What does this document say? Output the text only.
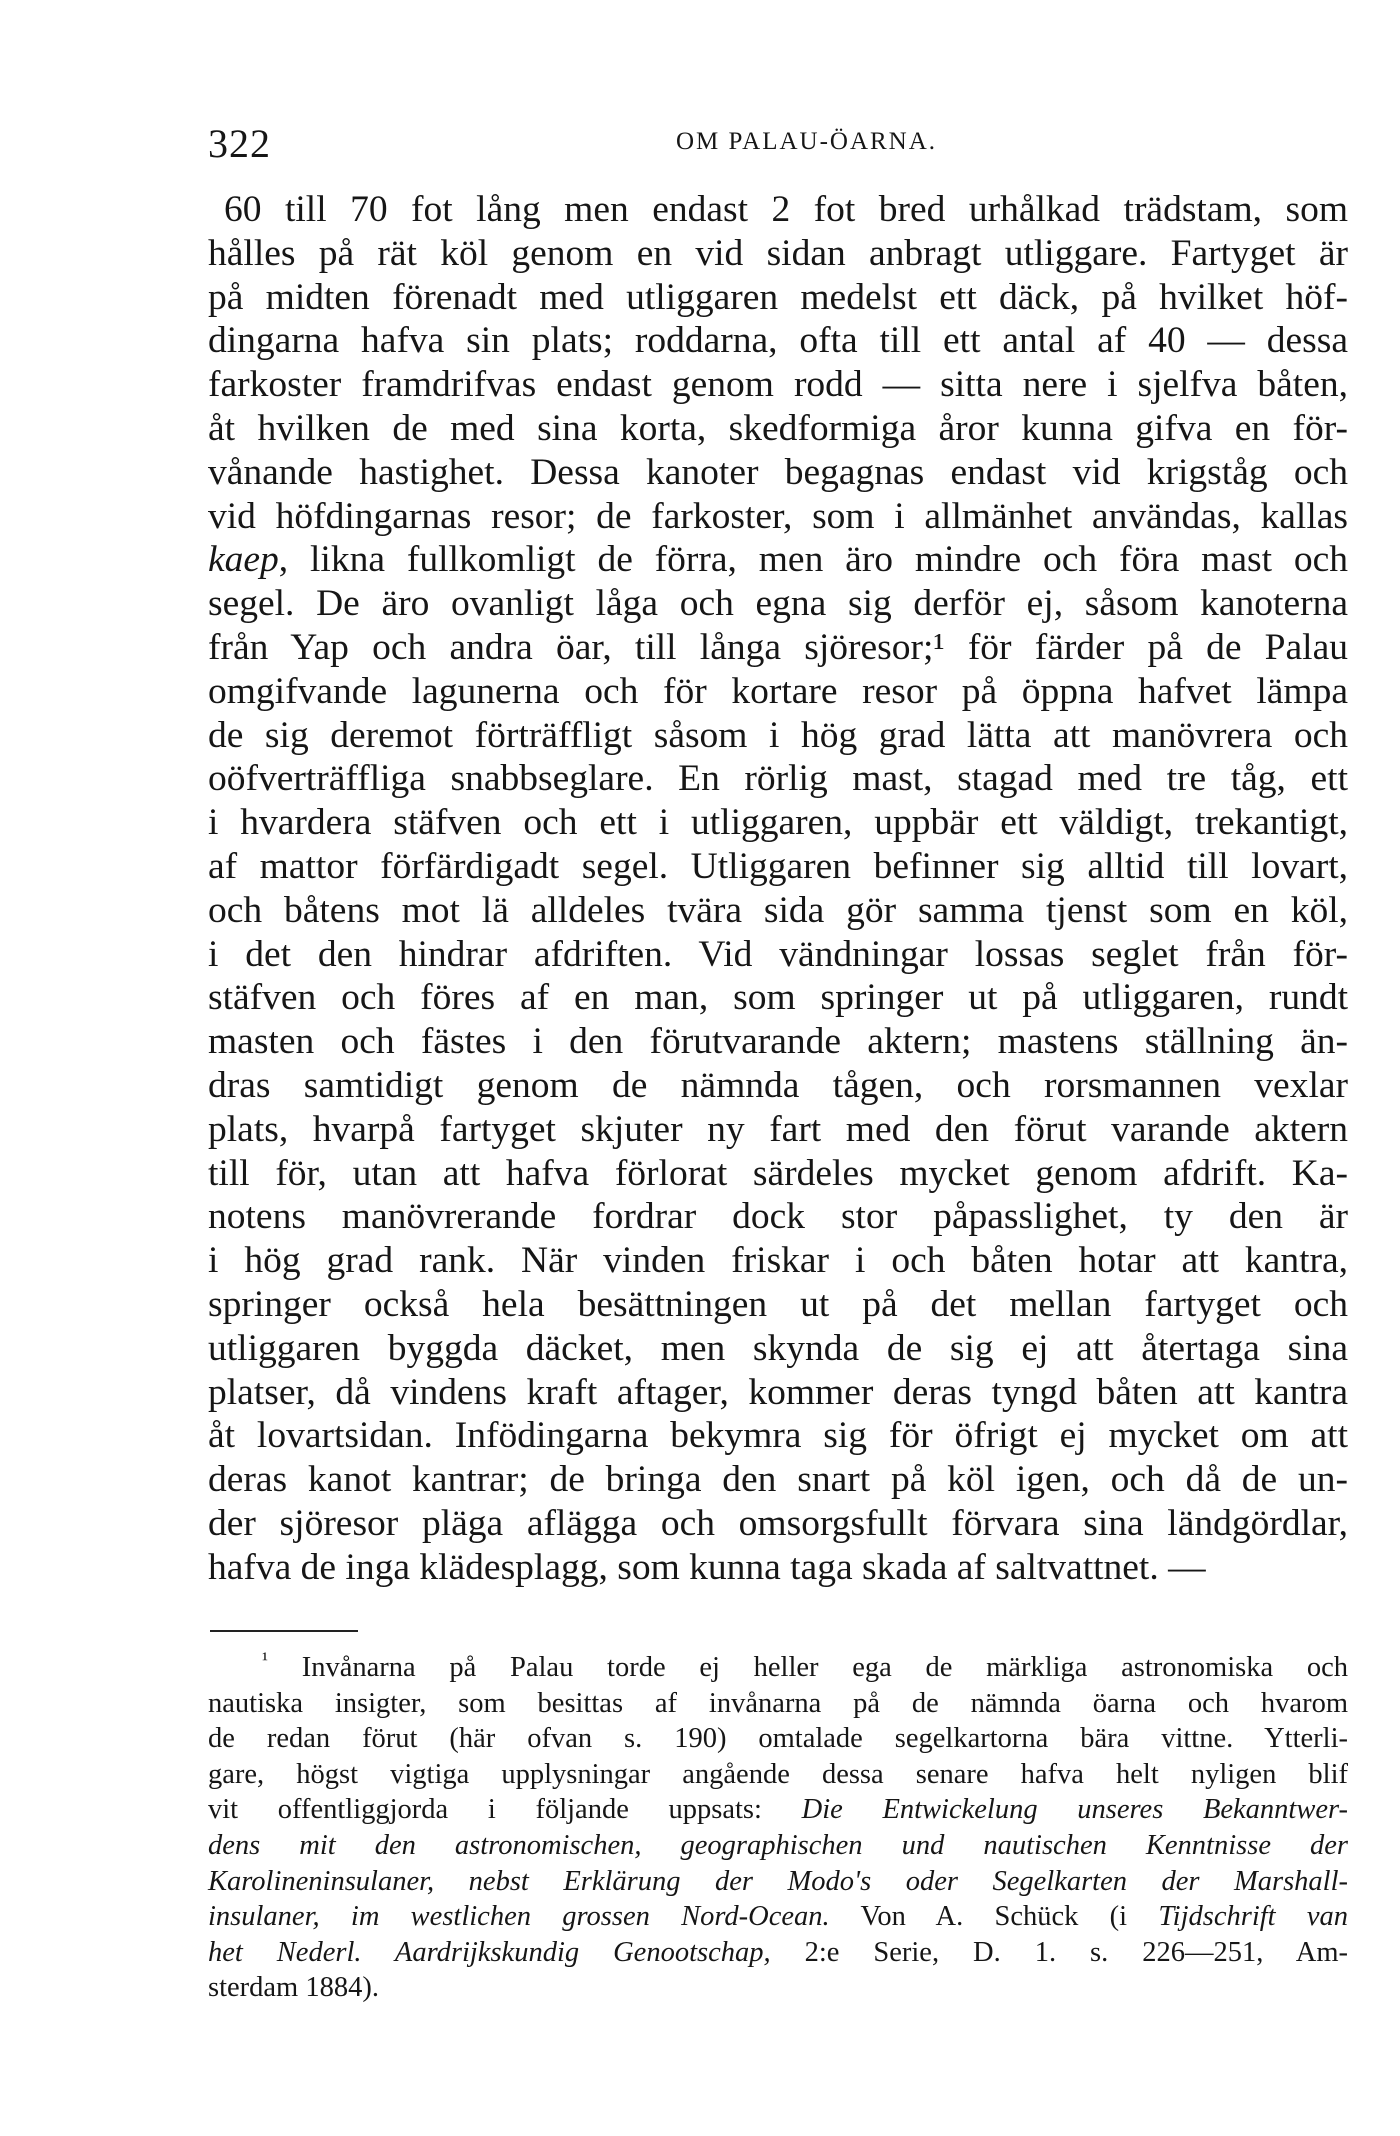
322	OM PALAU-ÖARNA.
60 till 70 fot lång men endast 2 fot bred urhålkad trädstam, som
hålles på rät köl genom en vid sidan anbragt utliggare. Fartyget är
på midten förenadt med utliggaren medelst ett däck, på hvilket höf-
dingarna hafva sin plats; roddarna, ofta till ett antal af 40 — dessa
farkoster framdrifvas endast genom rodd — sitta nere i sjelfva båten,
åt hvilken de med sina korta, skedformiga åror kunna gifva en för-
vånande hastighet. Dessa kanoter begagnas endast vid krigståg och
vid höfdingarnas resor; de farkoster, som i allmänhet användas, kallas
kaep, likna fullkomligt de förra, men äro mindre och föra mast och
segel. De äro ovanligt låga och egna sig derför ej, såsom kanoterna
från Yap och andra öar, till långa sjöresor;¹ för färder på de Palau
omgifvande lagunerna och för kortare resor på öppna hafvet lämpa
de sig deremot förträffligt såsom i hög grad lätta att manövrera och
oöfverträffliga snabbseglare. En rörlig mast, stagad med tre tåg, ett
i hvardera stäfven och ett i utliggaren, uppbär ett väldigt, trekantigt,
af mattor förfärdigadt segel. Utliggaren befinner sig alltid till lovart,
och båtens mot lä alldeles tvära sida gör samma tjenst som en köl,
i det den hindrar afdriften. Vid vändningar lossas seglet från för-
stäfven och föres af en man, som springer ut på utliggaren, rundt
masten och fästes i den förutvarande aktern; mastens ställning än-
dras samtidigt genom de nämnda tågen, och rorsmannen vexlar
plats, hvarpå fartyget skjuter ny fart med den förut varande aktern
till för, utan att hafva förlorat särdeles mycket genom afdrift. Ka-
notens manövrerande fordrar dock stor påpasslighet, ty den är
i hög grad rank. När vinden friskar i och båten hotar att kantra,
springer också hela besättningen ut på det mellan fartyget och
utliggaren byggda däcket, men skynda de sig ej att återtaga sina
platser, då vindens kraft aftager, kommer deras tyngd båten att kantra
åt lovartsidan. Infödingarna bekymra sig för öfrigt ej mycket om att
deras kanot kantrar; de bringa den snart på köl igen, och då de un-
der sjöresor pläga aflägga och omsorgsfullt förvara sina ländgördlar,
hafva de inga klädesplagg, som kunna taga skada af saltvattnet. —
$^{^1}$ Invånarna på Palau torde ej heller ega de märkliga astronomiska och
nautiska insigter, som besittas af invånarna på de nämnda öarna och hvarom
de redan förut (här ofvan s. 190) omtalade segelkartorna bära vittne. Ytterli-
gare, högst vigtiga upplysningar angående dessa senare hafva helt nyligen blif
vit offentliggjorda i följande uppsats: Die Entwickelung unseres Bekanntwer-
dens mit den astronomischen, geographischen und nautischen Kenntnisse der
Karolineninsulaner, nebst Erklärung der Modo's oder Segelkarten der Marshall-
insulaner, im westlichen grossen Nord-Ocean. Von A. Schück (i Tijdschrift van
het Nederl. Aardrijkskundig Genootschap, 2:e Serie, D. 1. s. 226—251, Am-
sterdam 1884).
